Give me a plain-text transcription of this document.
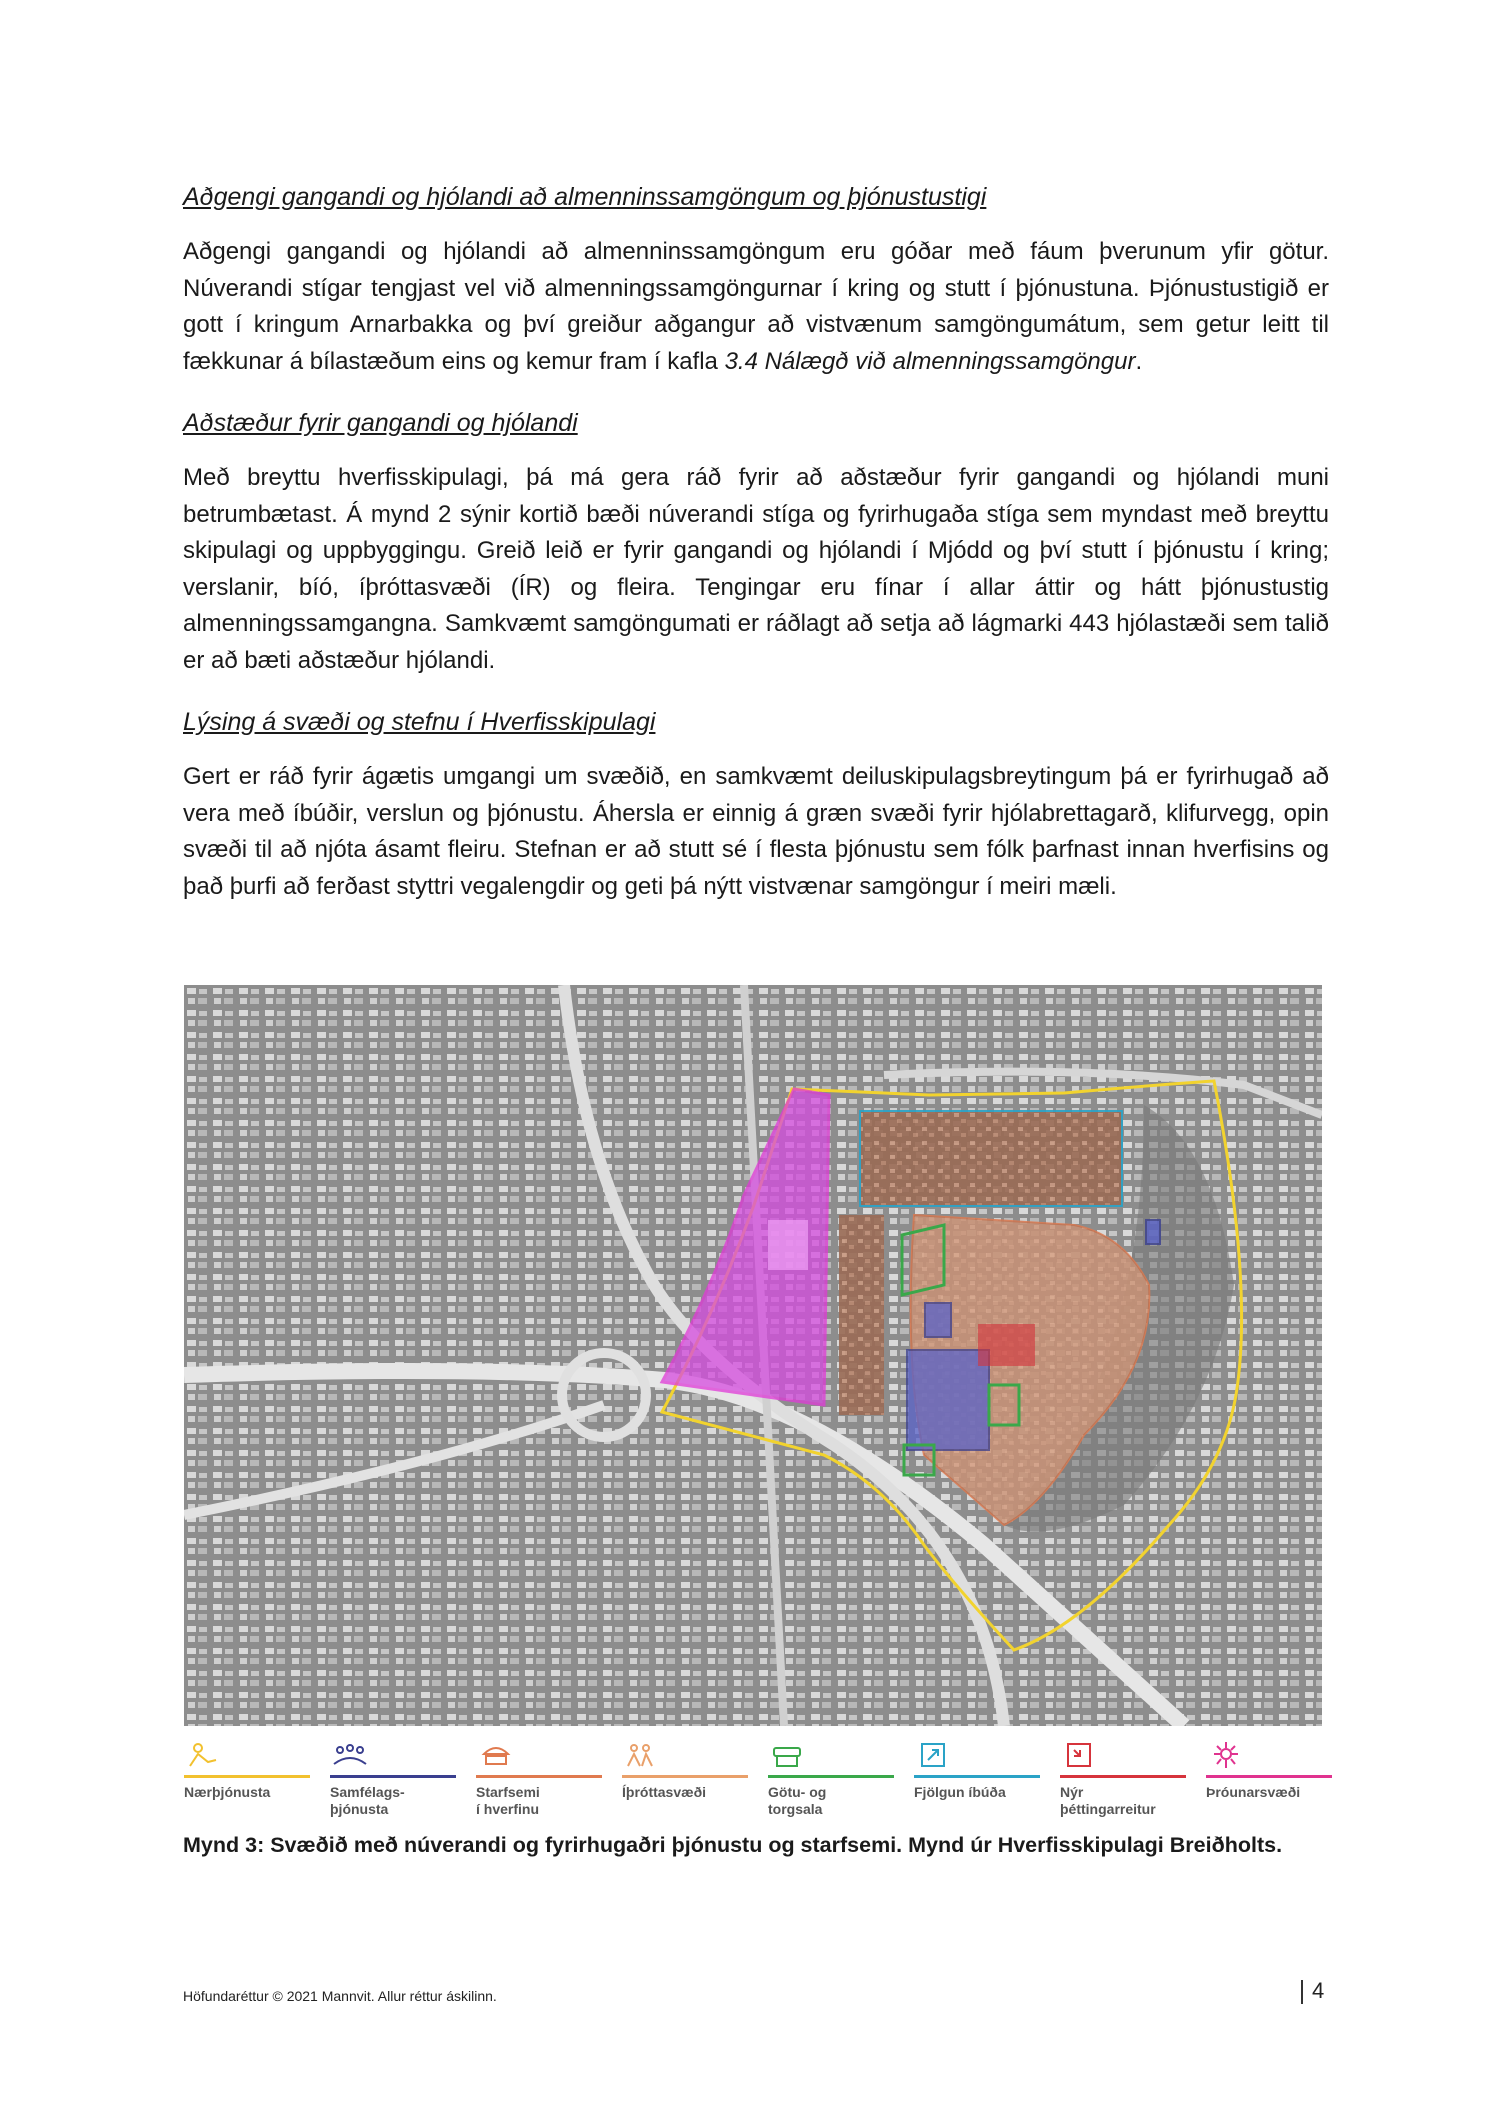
Aðgengi gangandi og hjólandi að almenninssamgöngum og þjónustustigi

Aðgengi gangandi og hjólandi að almenninssamgöngum eru góðar með fáum þverunum yfir götur. Núverandi stígar tengjast vel við almenningssamgöngurnar í kring og stutt í þjónustuna. Þjónustustigið er gott í kringum Arnarbakka og því greiður aðgangur að vistvænum samgöngumátum, sem getur leitt til fækkunar á bílastæðum eins og kemur fram í kafla 3.4 Nálægð við almenningssamgöngur.

Aðstæður fyrir gangandi og hjólandi

Með breyttu hverfisskipulagi, þá má gera ráð fyrir að aðstæður fyrir gangandi og hjólandi muni betrumbætast. Á mynd 2 sýnir kortið bæði núverandi stíga og fyrirhugaða stíga sem myndast með breyttu skipulagi og uppbyggingu. Greið leið er fyrir gangandi og hjólandi í Mjódd og því stutt í þjónustu í kring; verslanir, bíó, íþróttasvæði (ÍR) og fleira. Tengingar eru fínar í allar áttir og hátt þjónustustig almenningssamgangna. Samkvæmt samgöngumati er ráðlagt að setja að lágmarki 443 hjólastæði sem talið er að bæti aðstæður hjólandi.

Lýsing á svæði og stefnu í Hverfisskipulagi

Gert er ráð fyrir ágætis umgangi um svæðið, en samkvæmt deiluskipulagsbreytingum þá er fyrirhugað að vera með íbúðir, verslun og þjónustu. Áhersla er einnig á græn svæði fyrir hjólabrettagarð, klifurvegg, opin svæði til að njóta ásamt fleiru. Stefnan er að stutt sé í flesta þjónustu sem fólk þarfnast innan hverfisins og það þurfi að ferðast styttri vegalengdir og geti þá nýtt vistvænar samgöngur í meiri mæli.

Nærþjónusta	Samfélags-
þjónusta
Starfsemi
í hverfinu
Íþróttasvæði	Götu- og
torgsala
Fjölgun íbúða	Nýr
þéttingarreitur
Þróunarsvæði
Mynd 3: Svæðið með núverandi og fyrirhugaðri þjónustu og starfsemi. Mynd úr Hverfisskipulagi Breiðholts.
Höfundaréttur © 2021 Mannvit. Allur réttur áskilinn.	4
